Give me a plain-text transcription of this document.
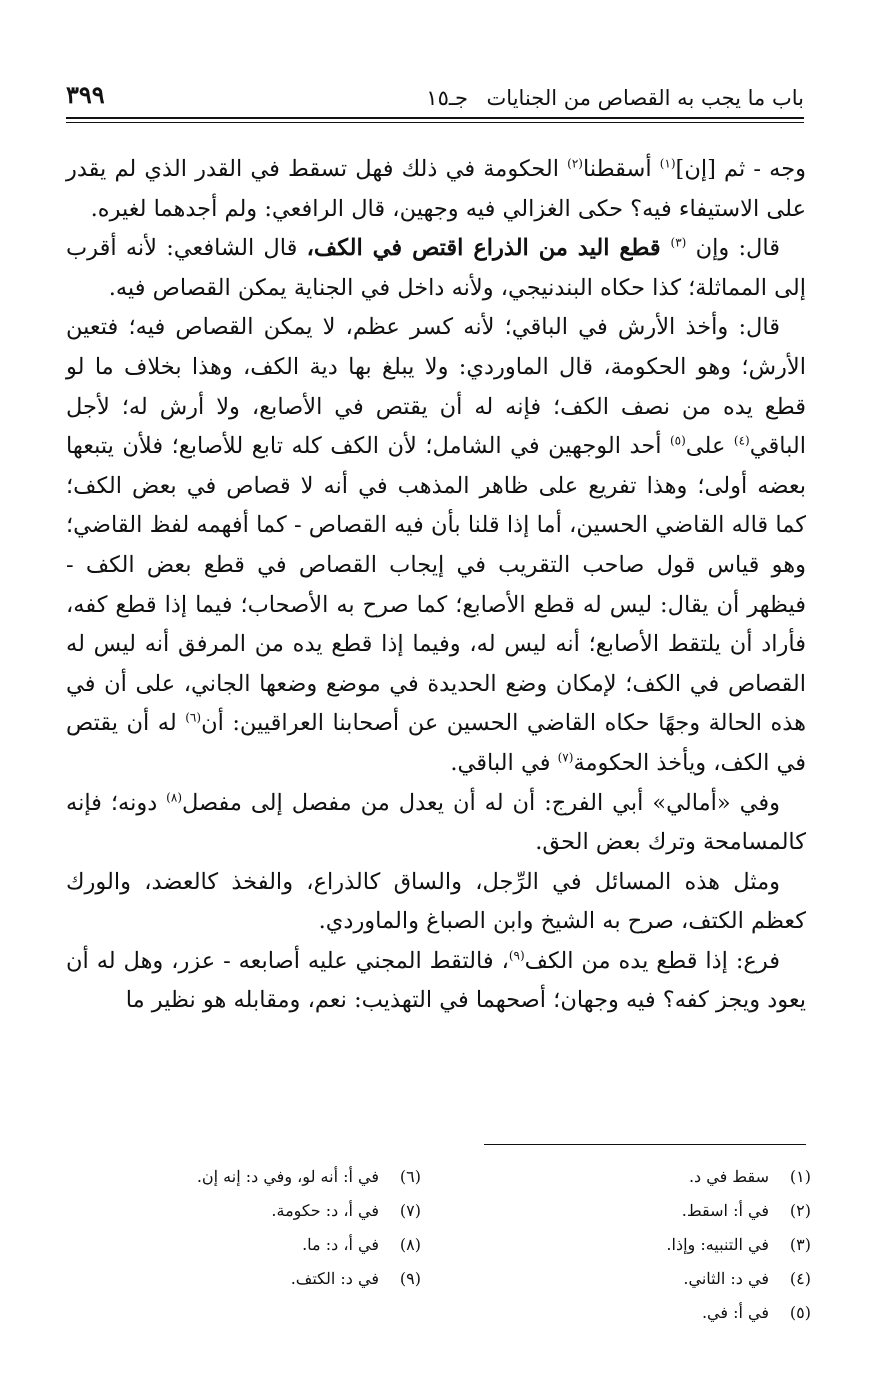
باب ما يجب به القصاص من الجنايات
جـ١٥
٣٩٩

وجه - ثم [إن]$^{(١)}$ أسقطنا$^{(٢)}$ الحكومة في ذلك فهل تسقط في القدر الذي لم يقدر على الاستيفاء فيه؟ حكى الغزالي فيه وجهين، قال الرافعي: ولم أجدهما لغيره.

قال: وإن $^{(٣)}$ قطع اليد من الذراع اقتص في الكف، قال الشافعي: لأنه أقرب إلى المماثلة؛ كذا حكاه البندنيجي، ولأنه داخل في الجناية يمكن القصاص فيه.

قال: وأخذ الأرش في الباقي؛ لأنه كسر عظم، لا يمكن القصاص فيه؛ فتعين الأرش؛ وهو الحكومة، قال الماوردي: ولا يبلغ بها دية الكف، وهذا بخلاف ما لو قطع يده من نصف الكف؛ فإنه له أن يقتص في الأصابع، ولا أرش له؛ لأجل الباقي$^{(٤)}$ على$^{(٥)}$ أحد الوجهين في الشامل؛ لأن الكف كله تابع للأصابع؛ فلأن يتبعها بعضه أولى؛ وهذا تفريع على ظاهر المذهب في أنه لا قصاص في بعض الكف؛ كما قاله القاضي الحسين، أما إذا قلنا بأن فيه القصاص - كما أفهمه لفظ القاضي؛ وهو قياس قول صاحب التقريب في إيجاب القصاص في قطع بعض الكف - فيظهر أن يقال: ليس له قطع الأصابع؛ كما صرح به الأصحاب؛ فيما إذا قطع كفه، فأراد أن يلتقط الأصابع؛ أنه ليس له، وفيما إذا قطع يده من المرفق أنه ليس له القصاص في الكف؛ لإمكان وضع الحديدة في موضع وضعها الجاني، على أن في هذه الحالة وجهًا حكاه القاضي الحسين عن أصحابنا العراقيين: أن$^{(٦)}$ له أن يقتص في الكف، ويأخذ الحكومة$^{(٧)}$ في الباقي.

وفي «أمالي» أبي الفرج: أن له أن يعدل من مفصل إلى مفصل$^{(٨)}$ دونه؛ فإنه كالمسامحة وترك بعض الحق.

ومثل هذه المسائل في الرِّجل، والساق كالذراع، والفخذ كالعضد، والورك كعظم الكتف، صرح به الشيخ وابن الصباغ والماوردي.

فرع: إذا قطع يده من الكف$^{(٩)}$، فالتقط المجني عليه أصابعه - عزر، وهل له أن يعود ويجز كفه؟ فيه وجهان؛ أصحهما في التهذيب: نعم، ومقابله هو نظير ما

(١)سقط في د.
(٢)في أ: اسقط.
(٣)في التنبيه: وإذا.
(٤)في د: الثاني.
(٥)في أ: في.
(٦)في أ: أنه لو، وفي د: إنه إن.
(٧)في أ، د: حكومة.
(٨)في أ، د: ما.
(٩)في د: الكتف.
